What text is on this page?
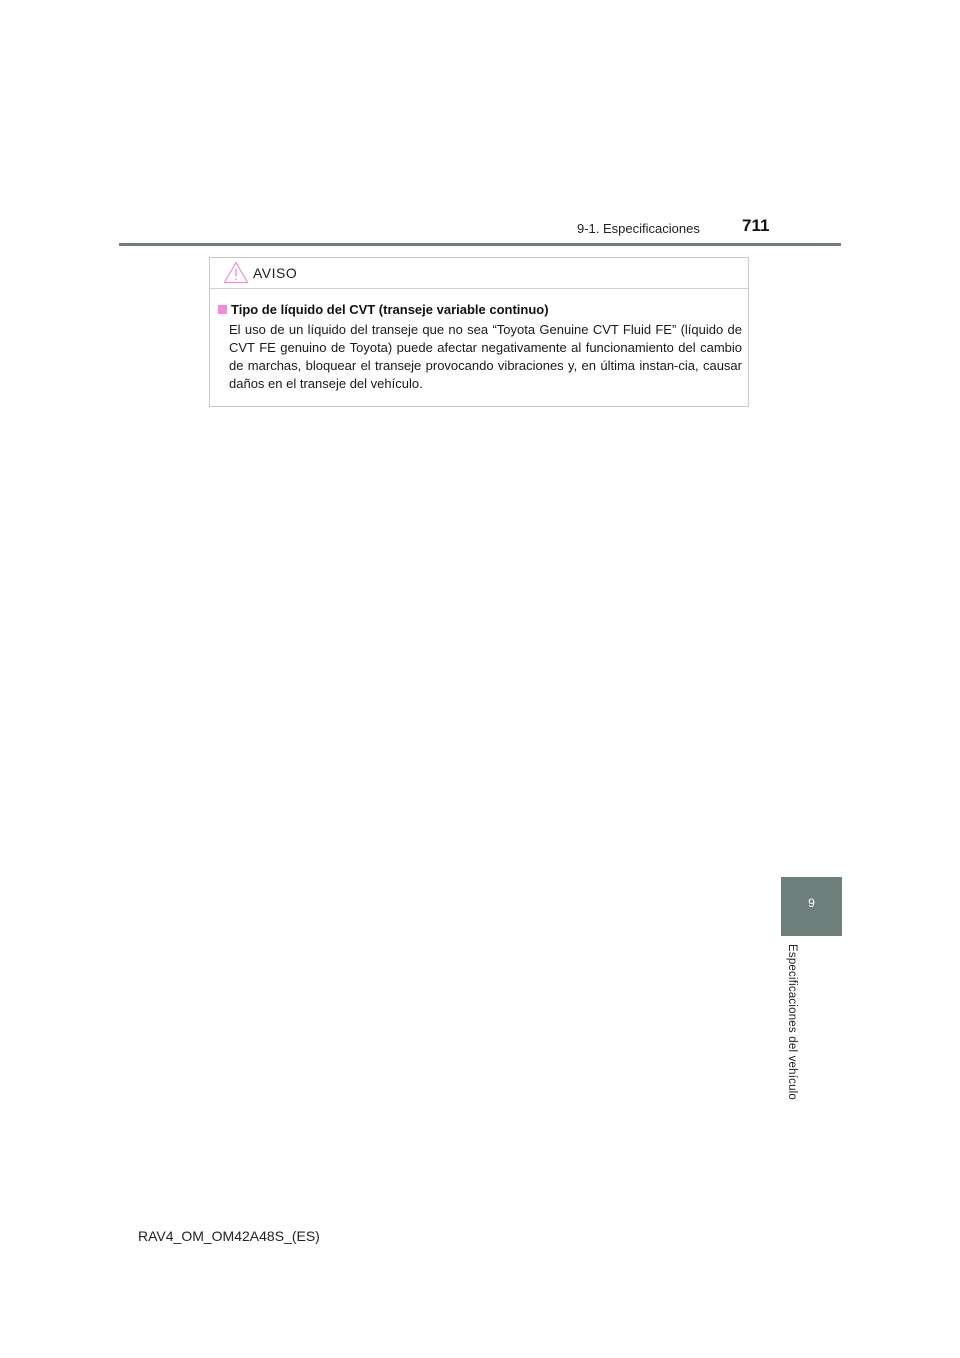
9-1. Especificaciones 711
AVISO
Tipo de líquido del CVT (transeje variable continuo)

El uso de un líquido del transeje que no sea “Toyota Genuine CVT Fluid FE” (líquido de CVT FE genuino de Toyota) puede afectar negativamente al funcionamiento del cambio de marchas, bloquear el transeje provocando vibraciones y, en última instan-cia, causar daños en el transeje del vehículo.

9
Especificaciones del vehículo
RAV4_OM_OM42A48S_(ES)
